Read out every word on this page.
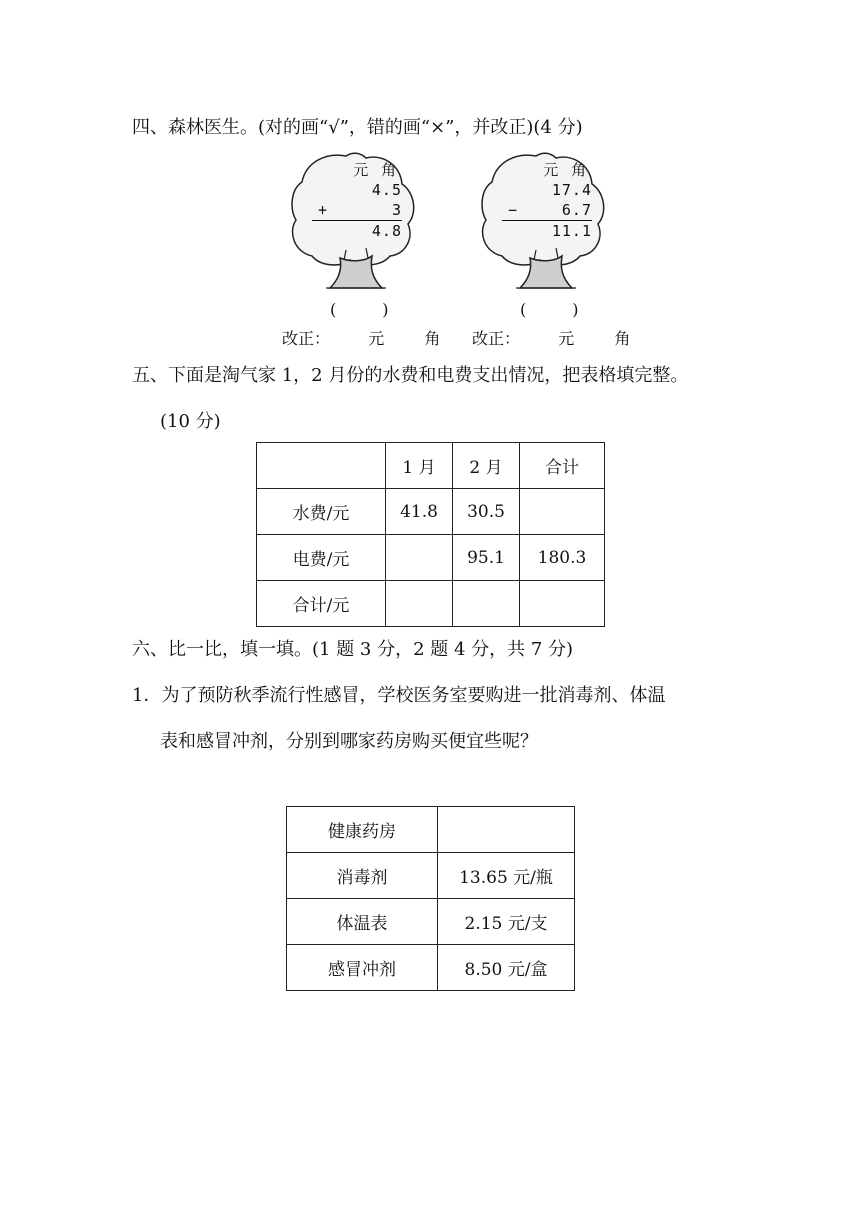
四、森林医生。(对的画“√”，错的画“×”，并改正)(4 分)
元 角
4.5
+	3
4.8
()
改正： 元	角
元 角
17.4
−	6.7
11.1
()
改正： 元	角
五、下面是淘气家 1，2 月份的水费和电费支出情况，把表格填完整。
(10 分)
	1 月	2 月	合计
水费/元	41.8	30.5	
电费/元		95.1	180.3
合计/元			
六、比一比，填一填。(1 题 3 分，2 题 4 分，共 7 分)
1．为了预防秋季流行性感冒，学校医务室要购进一批消毒剂、体温
表和感冒冲剂，分别到哪家药房购买便宜些呢？
健康药房	
消毒剂	13.65 元/瓶
体温表	2.15 元/支
感冒冲剂	8.50 元/盒
